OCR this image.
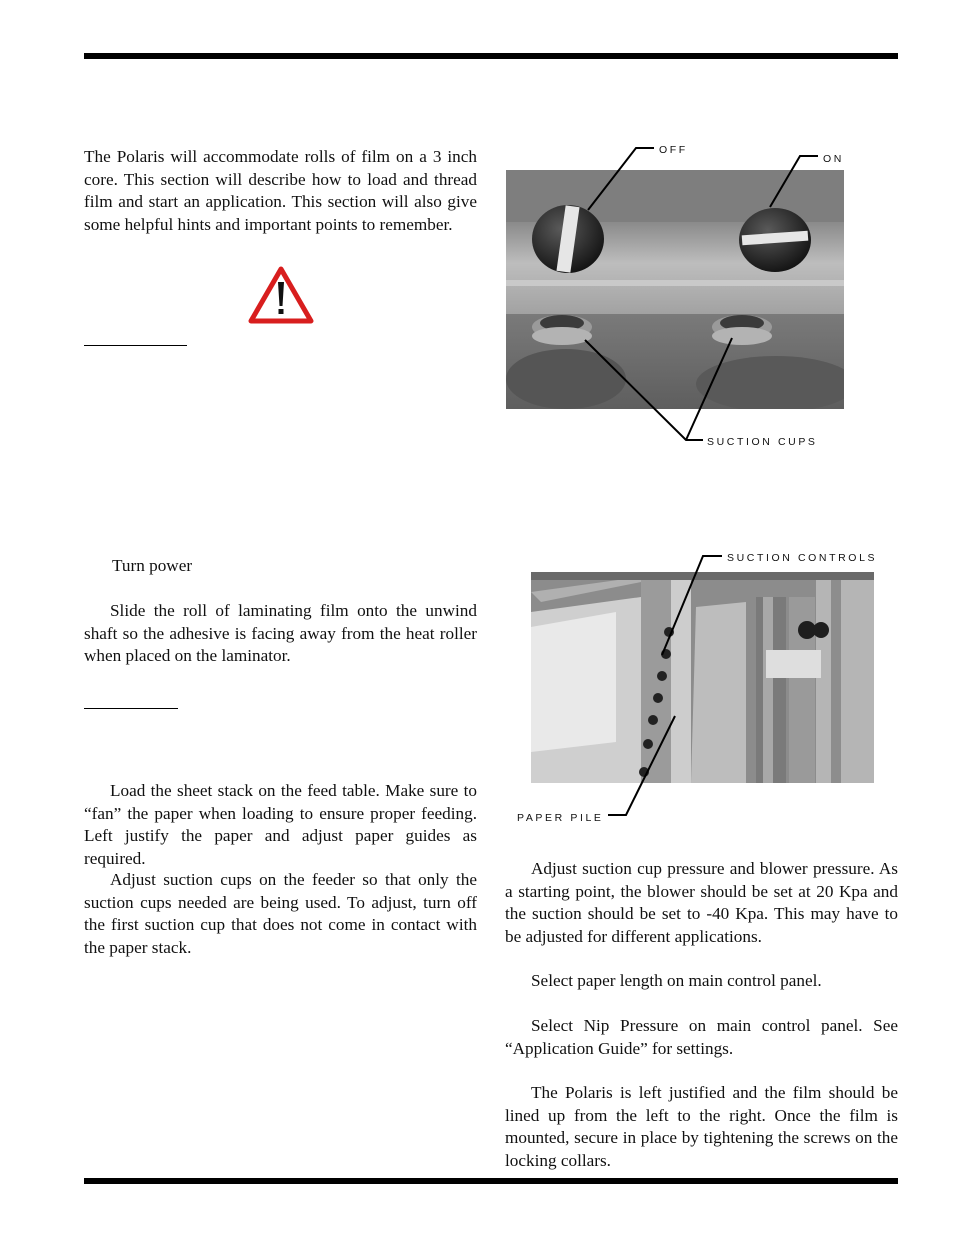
The Polaris will accommodate rolls of film on a 3 inch core. This section will describe how to load and thread film and start an application. This section will also give some helpful hints and important points to remember.

Turn power

Slide the roll of laminating film onto the unwind shaft so the adhesive is facing away from the heat roller when placed on the laminator.

Load the sheet stack on the feed table. Make sure to “fan” the paper when loading to ensure proper feeding. Left justify the paper and adjust paper guides as required.

Adjust suction cups on the feeder so that only the suction cups needed are being used. To adjust, turn off the first suction cup that does not come in contact with the paper stack.

OFF
ON
SUCTION CUPS
SUCTION CONTROLS
PAPER PILE

Adjust suction cup pressure and blower pressure. As a starting point, the blower should be set at 20 Kpa and the suction should be set to -40 Kpa. This may have to be adjusted for different applications.

Select paper length on main control panel.

Select Nip Pressure on main control panel. See “Application Guide” for settings.

The Polaris is left justified and the film should be lined up from the left to the right. Once the film is mounted, secure in place by tightening the screws on the locking collars.
